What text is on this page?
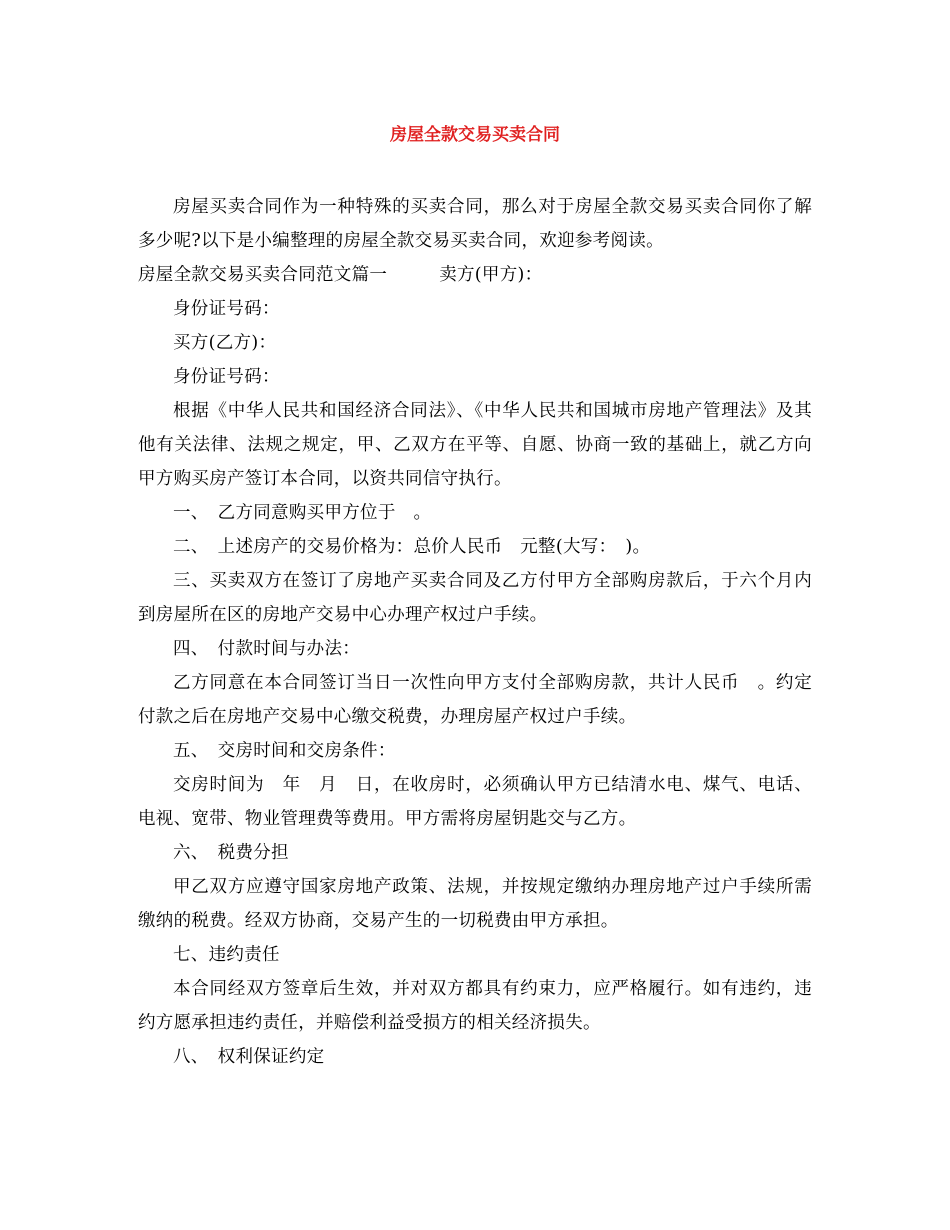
房屋全款交易买卖合同

房屋买卖合同作为一种特殊的买卖合同，那么对于房屋全款交易买卖合同你了解多少呢?以下是小编整理的房屋全款交易买卖合同，欢迎参考阅读。

房屋全款交易买卖合同范文篇一	卖方(甲方)：

身份证号码：

买方(乙方)：

身份证号码：

根据《中华人民共和国经济合同法》、《中华人民共和国城市房地产管理法》及其他有关法律、法规之规定，甲、乙双方在平等、自愿、协商一致的基础上，就乙方向甲方购买房产签订本合同，以资共同信守执行。

一、　乙方同意购买甲方位于　。

二、　上述房产的交易价格为：总价人民币　元整(大写：　)。

三、买卖双方在签订了房地产买卖合同及乙方付甲方全部购房款后，于六个月内到房屋所在区的房地产交易中心办理产权过户手续。

四、　付款时间与办法：

乙方同意在本合同签订当日一次性向甲方支付全部购房款，共计人民币　。约定付款之后在房地产交易中心缴交税费，办理房屋产权过户手续。

五、　交房时间和交房条件：

交房时间为　年　月　日，在收房时，必须确认甲方已结清水电、煤气、电话、电视、宽带、物业管理费等费用。甲方需将房屋钥匙交与乙方。

六、　税费分担

甲乙双方应遵守国家房地产政策、法规，并按规定缴纳办理房地产过户手续所需缴纳的税费。经双方协商，交易产生的一切税费由甲方承担。

七、违约责任

本合同经双方签章后生效，并对双方都具有约束力，应严格履行。如有违约，违约方愿承担违约责任，并赔偿利益受损方的相关经济损失。

八、　权利保证约定
